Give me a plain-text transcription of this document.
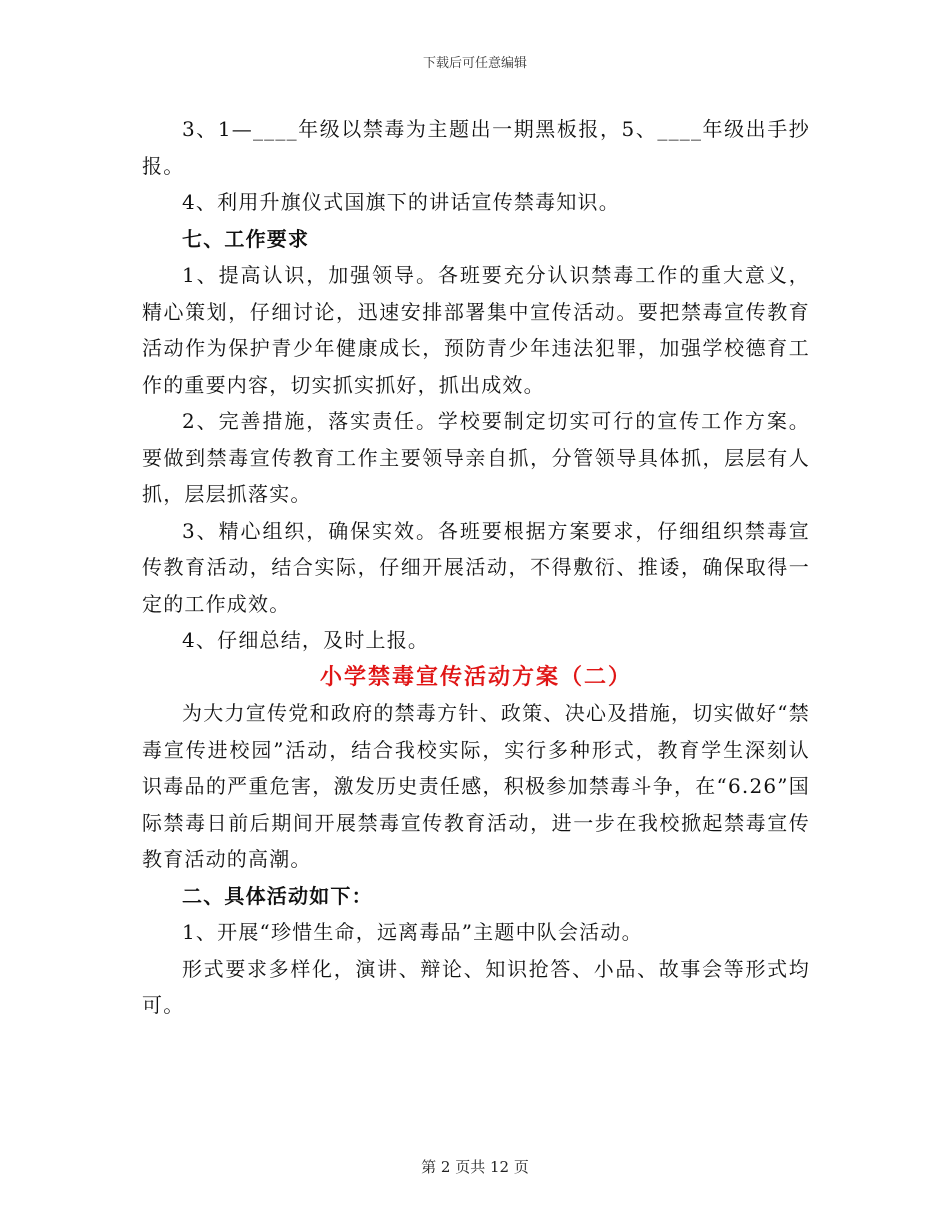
下载后可任意编辑

3、1—____年级以禁毒为主题出一期黑板报，5、____年级出手抄报。

4、利用升旗仪式国旗下的讲话宣传禁毒知识。

七、工作要求

1、提高认识，加强领导。各班要充分认识禁毒工作的重大意义，精心策划，仔细讨论，迅速安排部署集中宣传活动。要把禁毒宣传教育活动作为保护青少年健康成长，预防青少年违法犯罪，加强学校德育工作的重要内容，切实抓实抓好，抓出成效。

2、完善措施，落实责任。学校要制定切实可行的宣传工作方案。要做到禁毒宣传教育工作主要领导亲自抓，分管领导具体抓，层层有人抓，层层抓落实。

3、精心组织，确保实效。各班要根据方案要求，仔细组织禁毒宣传教育活动，结合实际，仔细开展活动，不得敷衍、推诿，确保取得一定的工作成效。

4、仔细总结，及时上报。

小学禁毒宣传活动方案（二）

为大力宣传党和政府的禁毒方针、政策、决心及措施，切实做好“禁毒宣传进校园”活动，结合我校实际，实行多种形式，教育学生深刻认识毒品的严重危害，激发历史责任感，积极参加禁毒斗争，在“6.26”国际禁毒日前后期间开展禁毒宣传教育活动，进一步在我校掀起禁毒宣传教育活动的高潮。

二、具体活动如下：

1、开展“珍惜生命，远离毒品”主题中队会活动。

形式要求多样化，演讲、辩论、知识抢答、小品、故事会等形式均可。

第 2 页共 12 页
